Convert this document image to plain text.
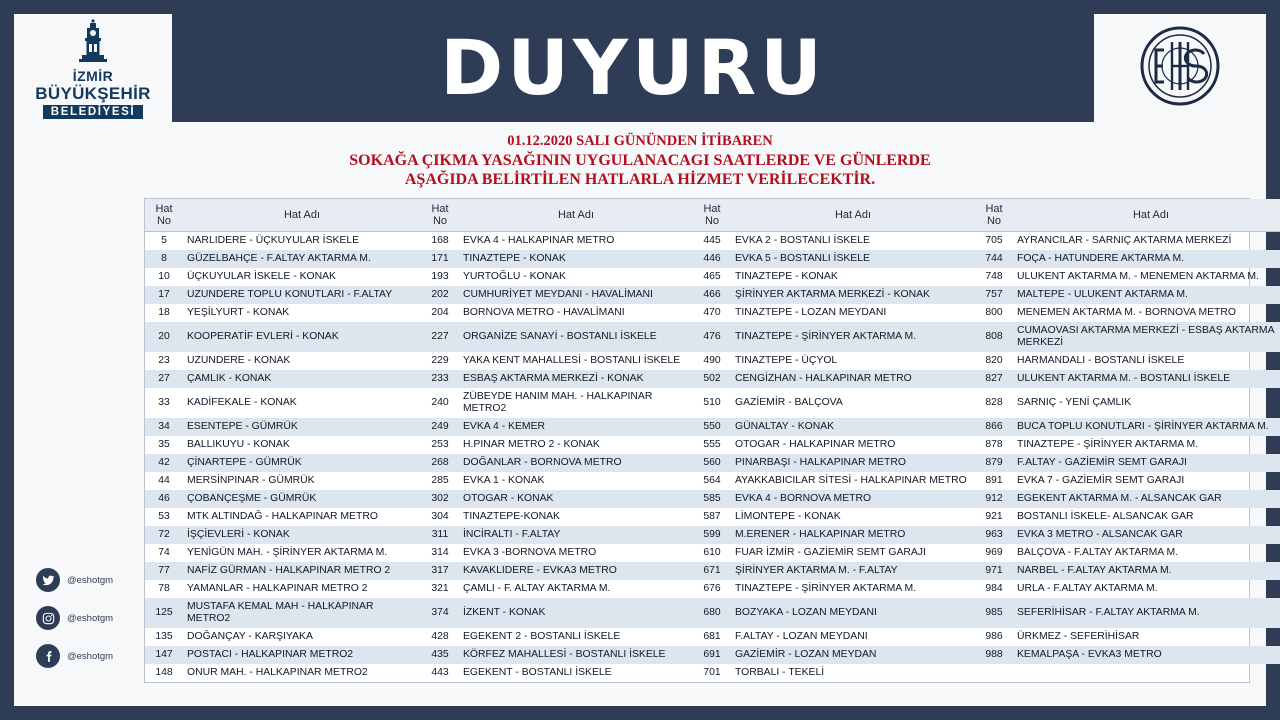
İZMİR
BÜYÜKŞEHİR
BELEDİYESİ	DUYURU
01.12.2020 SALI GÜNÜNDEN İTİBAREN
SOKAĞA ÇIKMA YASAĞININ UYGULANACAGI SAATLERDE VE GÜNLERDE
AŞAĞIDA BELİRTİLEN HATLARLA HİZMET VERİLECEKTİR.
Hat No	Hat Adı	Hat No	Hat Adı	Hat No	Hat Adı	Hat No	Hat Adı
5	NARLIDERE - ÜÇKUYULAR İSKELE	168	EVKA 4 - HALKAPINAR METRO	445	EVKA 2 - BOSTANLI İSKELE	705	AYRANCILAR - SARNIÇ AKTARMA MERKEZİ
8	GÜZELBAHÇE - F.ALTAY AKTARMA M.	171	TINAZTEPE - KONAK	446	EVKA 5 - BOSTANLI İSKELE	744	FOÇA - HATUNDERE AKTARMA M.
10	ÜÇKUYULAR İSKELE - KONAK	193	YURTOĞLU - KONAK	465	TINAZTEPE - KONAK	748	ULUKENT AKTARMA M. - MENEMEN AKTARMA M.
17	UZUNDERE TOPLU KONUTLARI - F.ALTAY	202	CUMHURİYET MEYDANI - HAVALİMANI	466	ŞİRİNYER AKTARMA MERKEZİ - KONAK	757	MALTEPE - ULUKENT AKTARMA M.
18	YEŞİLYURT - KONAK	204	BORNOVA METRO - HAVALİMANI	470	TINAZTEPE - LOZAN MEYDANI	800	MENEMEN AKTARMA M. - BORNOVA METRO
20	KOOPERATİF EVLERİ - KONAK	227	ORGANİZE SANAYİ - BOSTANLI İSKELE	476	TINAZTEPE - ŞİRİNYER AKTARMA M.	808	CUMAOVASI AKTARMA MERKEZİ - ESBAŞ AKTARMA MERKEZİ
23	UZUNDERE - KONAK	229	YAKA KENT MAHALLESİ - BOSTANLI İSKELE	490	TINAZTEPE - ÜÇYOL	820	HARMANDALI - BOSTANLI İSKELE
27	ÇAMLIK - KONAK	233	ESBAŞ AKTARMA MERKEZİ - KONAK	502	CENGİZHAN - HALKAPINAR METRO	827	ULUKENT AKTARMA M. - BOSTANLI İSKELE
33	KADİFEKALE - KONAK	240	ZÜBEYDE HANIM MAH. - HALKAPINAR METRO2	510	GAZİEMİR - BALÇOVA	828	SARNIÇ - YENİ ÇAMLIK
34	ESENTEPE - GÜMRÜK	249	EVKA 4 - KEMER	550	GÜNALTAY - KONAK	866	BUCA TOPLU KONUTLARI - ŞİRİNYER AKTARMA M.
35	BALLIKUYU - KONAK	253	H.PINAR METRO 2 - KONAK	555	OTOGAR - HALKAPINAR METRO	878	TINAZTEPE - ŞİRİNYER AKTARMA M.
42	ÇİNARTEPE - GÜMRÜK	268	DOĞANLAR - BORNOVA METRO	560	PINARBAŞI - HALKAPINAR METRO	879	F.ALTAY - GAZİEMİR SEMT GARAJI
44	MERSİNPINAR - GÜMRÜK	285	EVKA 1 - KONAK	564	AYAKKABICILAR SİTESİ - HALKAPINAR METRO	891	EVKA 7 - GAZİEMİR SEMT GARAJI
46	ÇOBANÇEŞME - GÜMRÜK	302	OTOGAR - KONAK	585	EVKA 4 - BORNOVA METRO	912	EGEKENT AKTARMA M. - ALSANCAK GAR
53	MTK ALTINDAĞ - HALKAPINAR METRO	304	TINAZTEPE-KONAK	587	LİMONTEPE - KONAK	921	BOSTANLI İSKELE- ALSANCAK GAR
72	İŞÇİEVLERİ - KONAK	311	İNCİRALTI - F.ALTAY	599	M.ERENER - HALKAPINAR METRO	963	EVKA 3 METRO - ALSANCAK GAR
74	YENİGÜN MAH. - ŞİRİNYER AKTARMA M.	314	EVKA 3 -BORNOVA METRO	610	FUAR İZMİR - GAZİEMİR SEMT GARAJI	969	BALÇOVA - F.ALTAY AKTARMA M.
77	NAFİZ GÜRMAN - HALKAPINAR METRO 2	317	KAVAKLIDERE - EVKA3 METRO	671	ŞİRİNYER AKTARMA M. - F.ALTAY	971	NARBEL - F.ALTAY AKTARMA M.
78	YAMANLAR - HALKAPINAR METRO 2	321	ÇAMLI - F. ALTAY AKTARMA M.	676	TINAZTEPE - ŞİRİNYER AKTARMA M.	984	URLA - F.ALTAY AKTARMA M.
125	MUSTAFA KEMAL MAH - HALKAPINAR METRO2	374	İZKENT - KONAK	680	BOZYAKA - LOZAN MEYDANI	985	SEFERİHİSAR - F.ALTAY AKTARMA M.
135	DOĞANÇAY - KARŞIYAKA	428	EGEKENT 2 - BOSTANLI İSKELE	681	F.ALTAY - LOZAN MEYDANI	986	ÜRKMEZ - SEFERİHİSAR
147	POSTACI - HALKAPINAR METRO2	435	KÖRFEZ MAHALLESİ - BOSTANLI İSKELE	691	GAZİEMİR - LOZAN MEYDAN	988	KEMALPAŞA - EVKA3 METRO
148	ONUR MAH. - HALKAPINAR METRO2	443	EGEKENT - BOSTANLI İSKELE	701	TORBALI - TEKELİ		
@eshotgm
@eshotgm
@eshotgm
